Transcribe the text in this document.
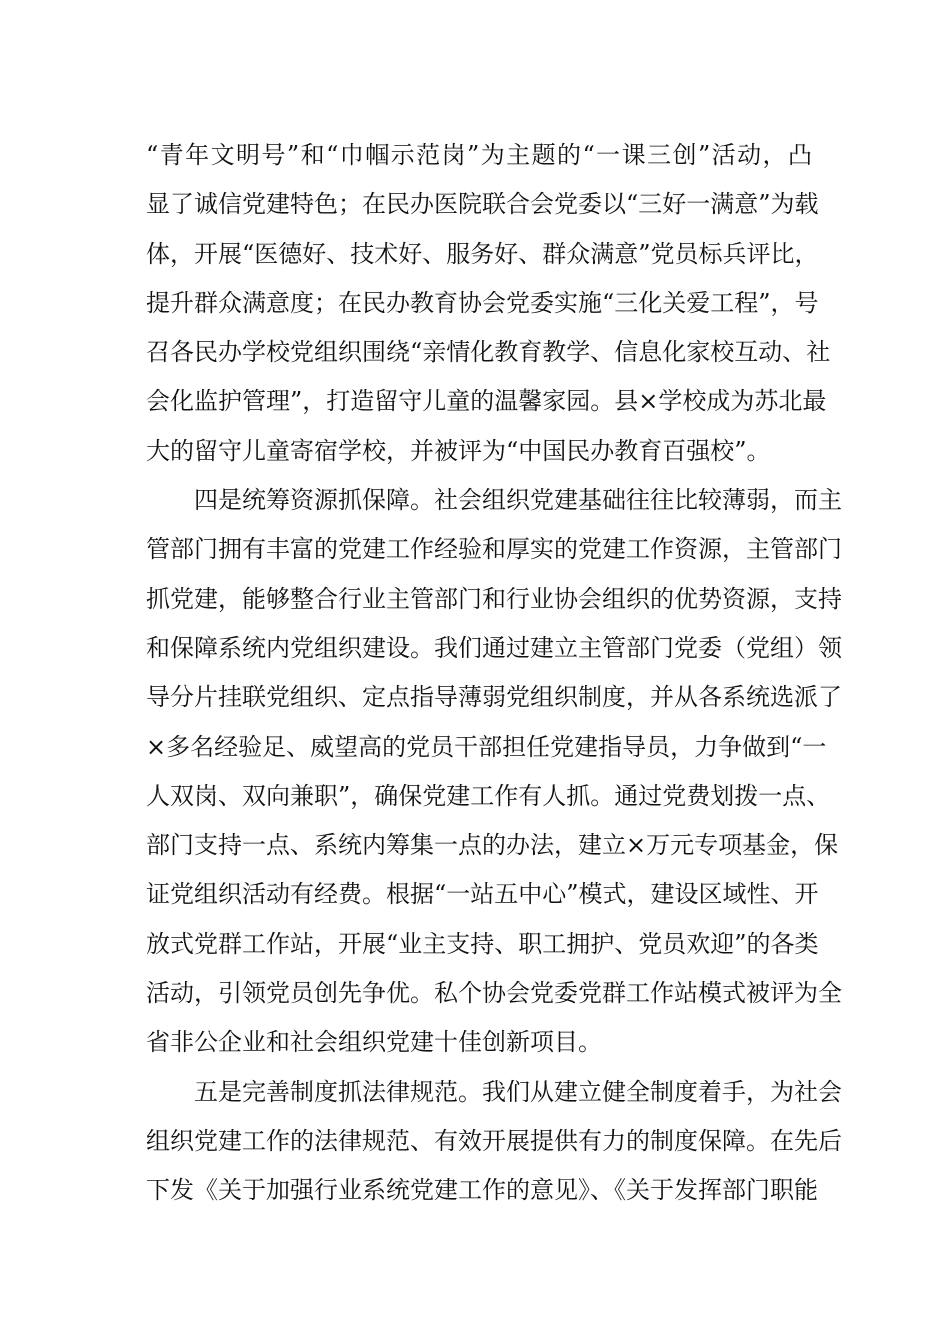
“青年文明号”和“巾帼示范岗”为主题的“一课三创”活动，凸
显了诚信党建特色；在民办医院联合会党委以“三好一满意”为载
体，开展“医德好、技术好、服务好、群众满意”党员标兵评比，
提升群众满意度；在民办教育协会党委实施“三化关爱工程”，号
召各民办学校党组织围绕“亲情化教育教学、信息化家校互动、社
会化监护管理”，打造留守儿童的温馨家园。县×学校成为苏北最
大的留守儿童寄宿学校，并被评为“中国民办教育百强校”。
四是统筹资源抓保障。社会组织党建基础往往比较薄弱，而主
管部门拥有丰富的党建工作经验和厚实的党建工作资源，主管部门
抓党建，能够整合行业主管部门和行业协会组织的优势资源，支持
和保障系统内党组织建设。我们通过建立主管部门党委（党组）领
导分片挂联党组织、定点指导薄弱党组织制度，并从各系统选派了
×多名经验足、威望高的党员干部担任党建指导员，力争做到“一
人双岗、双向兼职”，确保党建工作有人抓。通过党费划拨一点、
部门支持一点、系统内筹集一点的办法，建立×万元专项基金，保
证党组织活动有经费。根据“一站五中心”模式，建设区域性、开
放式党群工作站，开展“业主支持、职工拥护、党员欢迎”的各类
活动，引领党员创先争优。私个协会党委党群工作站模式被评为全
省非公企业和社会组织党建十佳创新项目。
五是完善制度抓法律规范。我们从建立健全制度着手，为社会
组织党建工作的法律规范、有效开展提供有力的制度保障。在先后
下发《关于加强行业系统党建工作的意见》、《关于发挥部门职能
